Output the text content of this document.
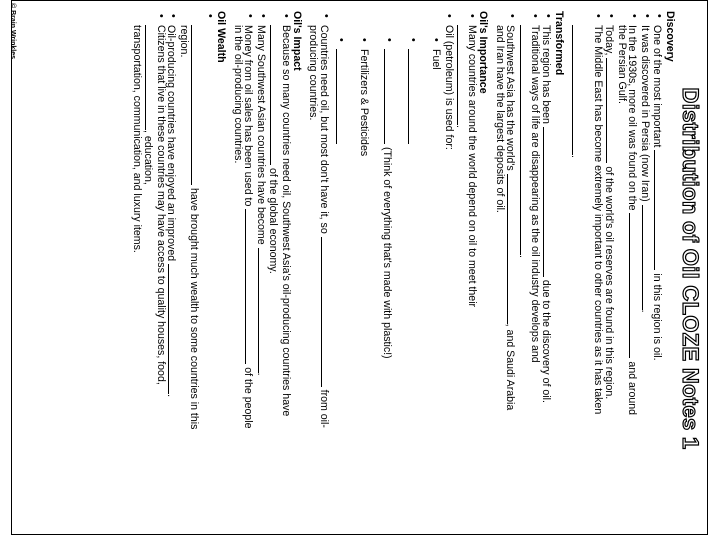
© Brain Wrinkles
Distribution of Oil CLOZE Notes 1
Discovery
• One of the most important  in this region is oil.
• It was discovered in Persia (now Iran) .
• In the 1930s, more oil was found on the  and around
the Persian Gulf.
• Today,  of the world's oil reserves are found in this region.
• The Middle East has become extremely important to other countries as it has taken

.
Transformed
• This region has been  due to the discovery of oil.
• Traditional ways of life are disappearing as the oil industry develops and
.
• Southwest Asia has the world's , and Saudi Arabia
and Iran have the largest deposits of oil.
Oil's Importance
• Many countries around the world depend on oil to meet their
.
• Oil (petroleum) is used for:
• Fuel
•
• (Think of everything that's made with plastic!)
• Fertilizers & Pesticides
•
• Countries need oil, but most don't have it, so  from oil-
producing countries.
Oil's Impact
• Because so many countries need oil, Southwest Asia's oil-producing countries have
of the global economy.
• Many Southwest Asian countries have become .
• Money from oil sales has been used to  of the people
in the oil-producing countries.
Oil Wealth
• have brought much wealth to some countries in this
region.
• Oil-producing countries have enjoyed an improved .
• Citizens that live in these countries may have access to quality houses, food,
, education,
transportation, communication, and luxury items.
